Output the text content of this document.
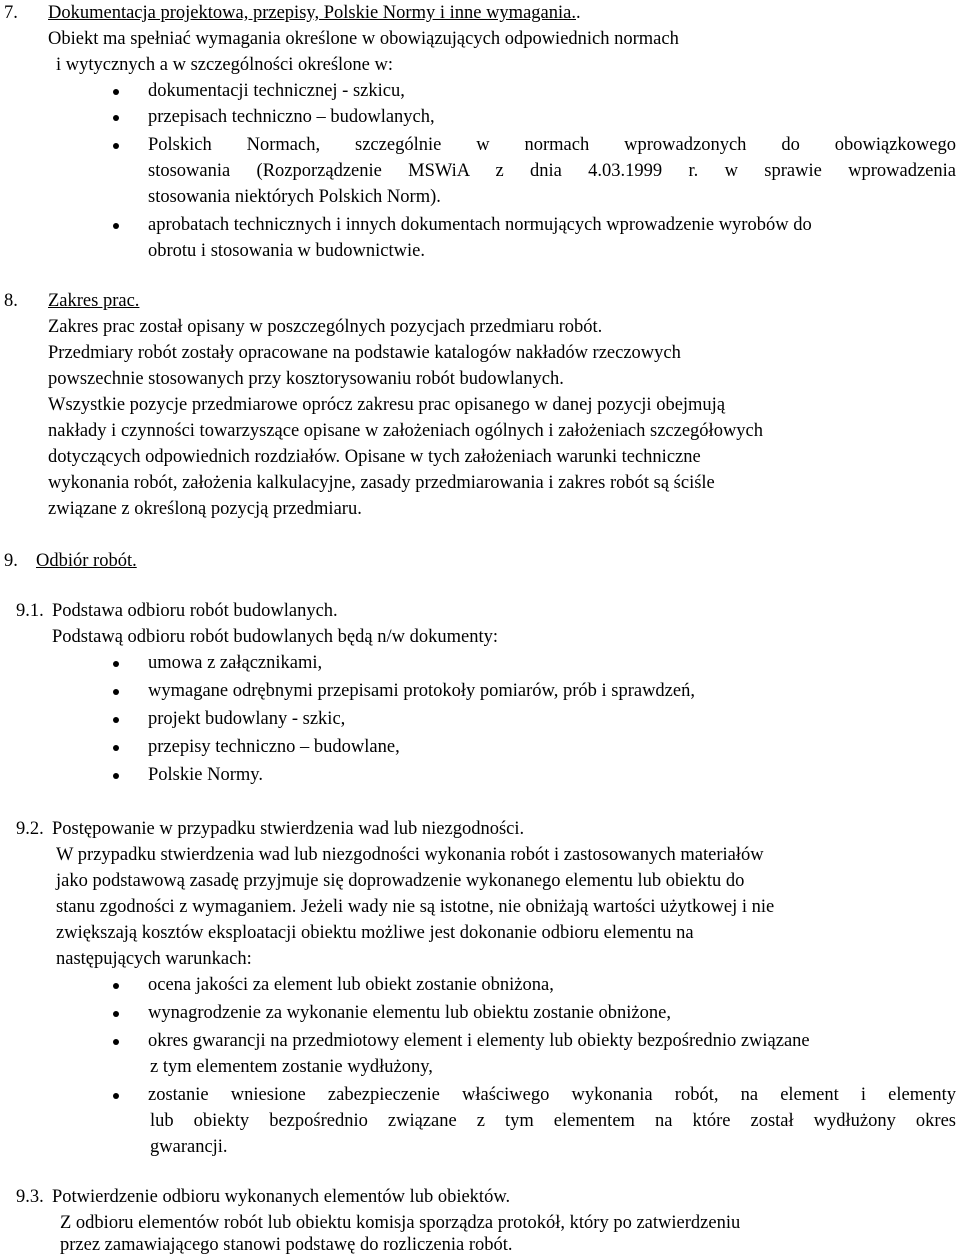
7. Dokumentacja projektowa, przepisy, Polskie Normy i inne wymagania..
Obiekt ma spełniać wymagania określone w obowiązujących odpowiednich normach
i wytycznych a w szczególności określone w:
dokumentacji technicznej - szkicu,
przepisach techniczno – budowlanych,
Polskich Normach, szczególnie w normach wprowadzonych do obowiązkowego
stosowania (Rozporządzenie MSWiA z dnia 4.03.1999 r. w sprawie wprowadzenia
stosowania niektórych Polskich Norm).
aprobatach technicznych i innych dokumentach normujących wprowadzenie wyrobów do
obrotu i stosowania w budownictwie.
8. Zakres prac.
Zakres prac został opisany w poszczególnych pozycjach przedmiaru robót.
Przedmiary robót zostały opracowane na podstawie katalogów nakładów rzeczowych
powszechnie stosowanych przy kosztorysowaniu robót budowlanych.
Wszystkie pozycje przedmiarowe oprócz zakresu prac opisanego w danej pozycji obejmują
nakłady i czynności towarzyszące opisane w założeniach ogólnych i założeniach szczegółowych
dotyczących odpowiednich rozdziałów. Opisane w tych założeniach warunki techniczne
wykonania robót, założenia kalkulacyjne, zasady przedmiarowania i zakres robót są ściśle
związane z określoną pozycją przedmiaru.
9. Odbiór robót.
9.1. Podstawa odbioru robót budowlanych.
Podstawą odbioru robót budowlanych będą n/w dokumenty:
umowa z załącznikami,
wymagane odrębnymi przepisami protokoły pomiarów, prób i sprawdzeń,
projekt budowlany - szkic,
przepisy techniczno – budowlane,
Polskie Normy.
9.2. Postępowanie w przypadku stwierdzenia wad lub niezgodności.
W przypadku stwierdzenia wad lub niezgodności wykonania robót i zastosowanych materiałów
jako podstawową zasadę przyjmuje się doprowadzenie wykonanego elementu lub obiektu do
stanu zgodności z wymaganiem. Jeżeli wady nie są istotne, nie obniżają wartości użytkowej i nie
zwiększają kosztów eksploatacji obiektu możliwe jest dokonanie odbioru elementu na
następujących warunkach:
ocena jakości za element lub obiekt zostanie obniżona,
wynagrodzenie za wykonanie elementu lub obiektu zostanie obniżone,
okres gwarancji na przedmiotowy element i elementy lub obiekty bezpośrednio związane
z tym elementem zostanie wydłużony,
zostanie wniesione zabezpieczenie właściwego wykonania robót, na element i elementy
lub obiekty bezpośrednio związane z tym elementem na które został wydłużony okres
gwarancji.
9.3. Potwierdzenie odbioru wykonanych elementów lub obiektów.
Z odbioru elementów robót lub obiektu komisja sporządza protokół, który po zatwierdzeniu
przez zamawiającego stanowi podstawę do rozliczenia robót.
